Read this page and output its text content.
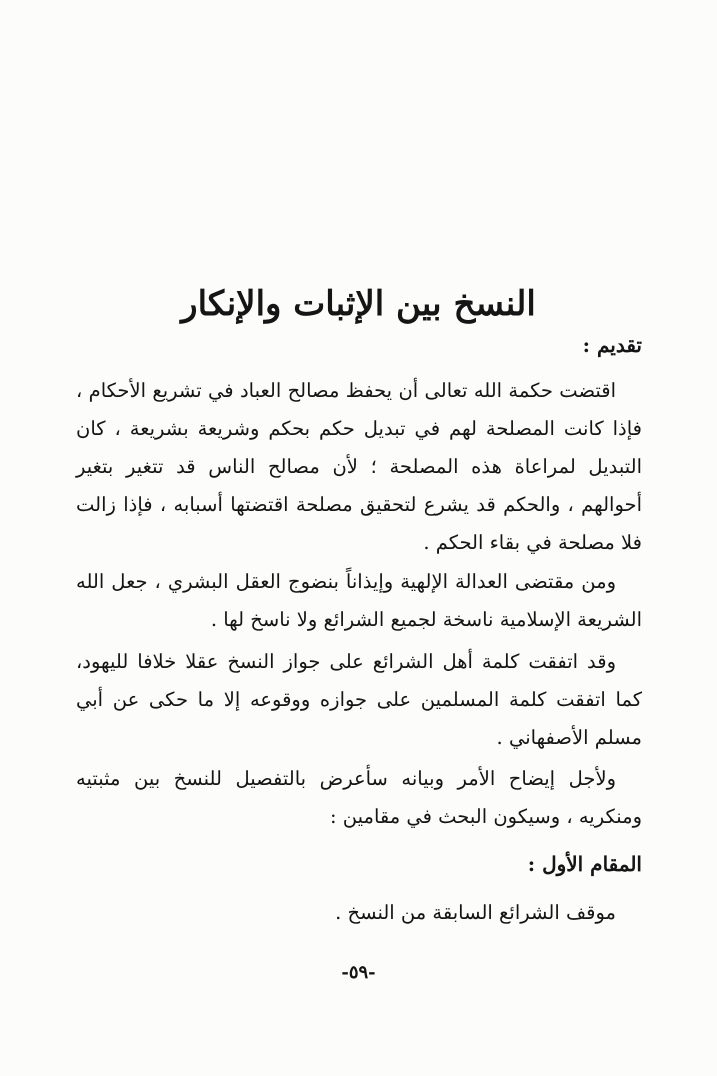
النسخ بين الإثبات والإنكار
تقديم :

اقتضت حكمة الله تعالى أن يحفظ مصالح العباد في تشريع الأحكام ، فإذا كانت المصلحة لهم في تبديل حكم بحكم وشريعة بشريعة ، كان التبديل لمراعاة هذه المصلحة ؛ لأن مصالح الناس قد تتغير بتغير أحوالهم ، والحكم قد يشرع لتحقيق مصلحة اقتضتها أسبابه ، فإذا زالت فلا مصلحة في بقاء الحكم .

ومن مقتضى العدالة الإلهية وإيذاناً بنضوج العقل البشري ، جعل الله الشريعة الإسلامية ناسخة لجميع الشرائع ولا ناسخ لها .

وقد اتفقت كلمة أهل الشرائع على جواز النسخ عقلا خلافا لليهود، كما اتفقت كلمة المسلمين على جوازه ووقوعه إلا ما حكى عن أبي مسلم الأصفهاني .

ولأجل إيضاح الأمر وبيانه سأعرض بالتفصيل للنسخ بين مثبتيه ومنكريه ، وسيكون البحث في مقامين :

المقام الأول :

موقف الشرائع السابقة من النسخ .

-٥٩-
